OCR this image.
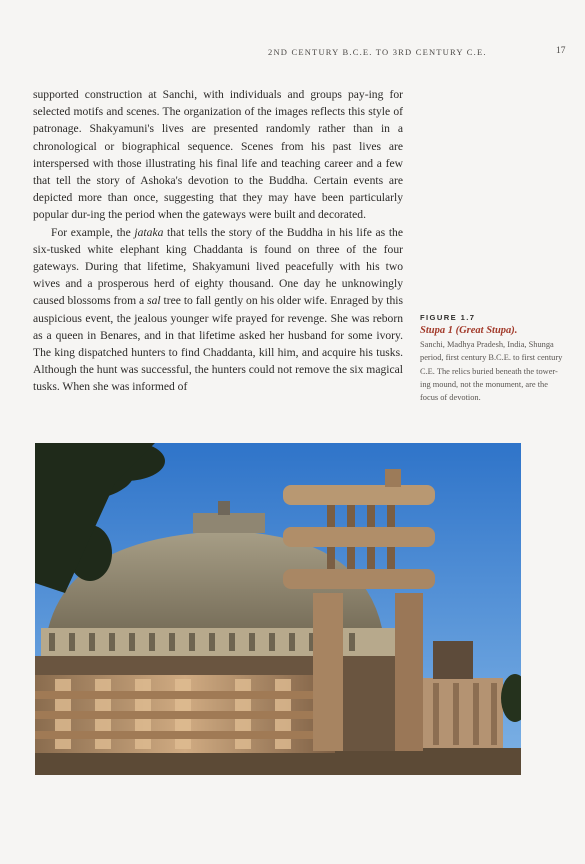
2ND CENTURY B.C.E. TO 3RD CENTURY C.E.	17

supported construction at Sanchi, with individuals and groups pay-ing for selected motifs and scenes. The organization of the images reflects this style of patronage. Shakyamuni's lives are presented randomly rather than in a chronological or biographical sequence. Scenes from his past lives are interspersed with those illustrating his final life and teaching career and a few that tell the story of Ashoka's devotion to the Buddha. Certain events are depicted more than once, suggesting that they may have been particularly popular dur-ing the period when the gateways were built and decorated.

For example, the jataka that tells the story of the Buddha in his life as the six-tusked white elephant king Chaddanta is found on three of the four gateways. During that lifetime, Shakyamuni lived peacefully with his two wives and a prosperous herd of eighty thousand. One day he unknowingly caused blossoms from a sal tree to fall gently on his older wife. Enraged by this auspicious event, the jealous younger wife prayed for revenge. She was reborn as a queen in Benares, and in that lifetime asked her husband for some ivory. The king dispatched hunters to find Chaddanta, kill him, and acquire his tusks. Although the hunt was successful, the hunters could not remove the six magical tusks. When she was informed of

FIGURE 1.7
Stupa 1 (Great Stupa).
Sanchi, Madhya Pradesh, India, Shunga period, first century B.C.E. to first century C.E. The relics buried beneath the tower-ing mound, not the monument, are the focus of devotion.
